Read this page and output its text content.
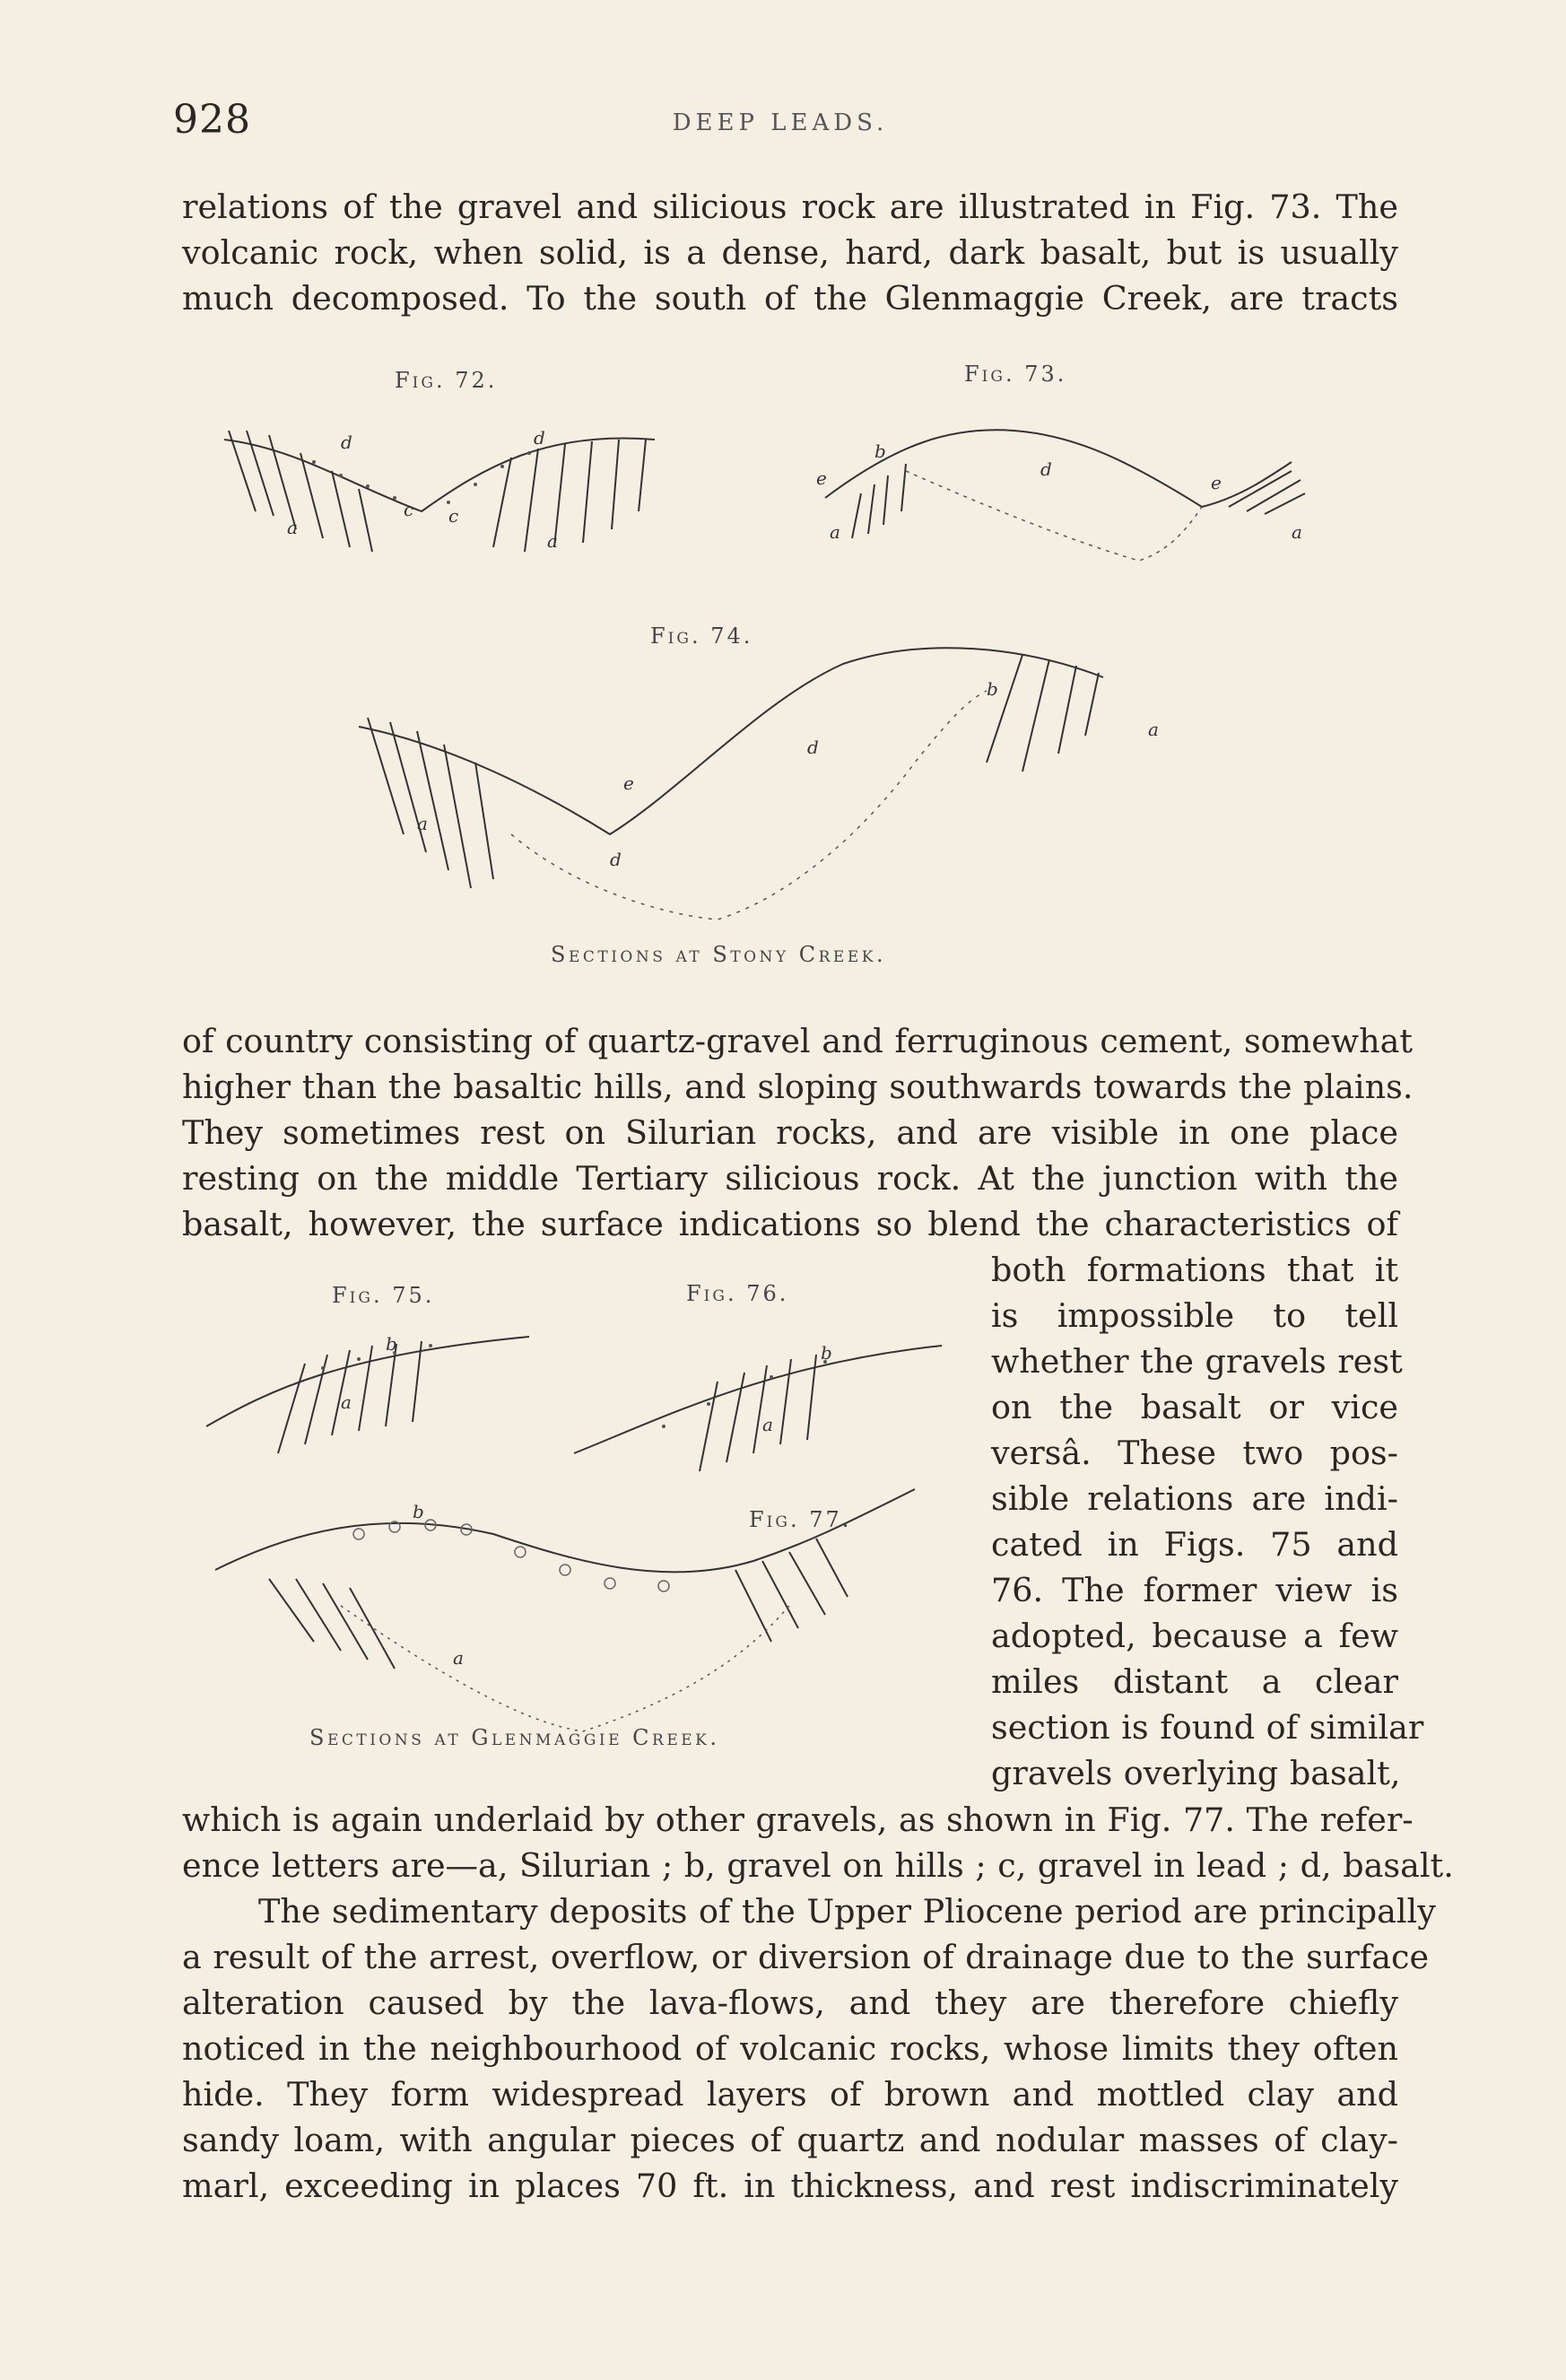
928	DEEP LEADS.
relations of the gravel and silicious rock are illustrated in Fig. 73. The
volcanic rock, when solid, is a dense, hard, dark basalt, but is usually
much decomposed. To the south of the Glenmaggie Creek, are tracts
Fig. 72.	Fig. 73.
d	d
c c
a
a
b
d
e	e
a	a
Fig. 74.
b
d
e
a
a
d
Sections at Stony Creek.
of country consisting of quartz-gravel and ferruginous cement, somewhat
higher than the basaltic hills, and sloping southwards towards the plains.
They sometimes rest on Silurian rocks, and are visible in one place
resting on the middle Tertiary silicious rock. At the junction with the
basalt, however, the surface indications so blend the characteristics of
both formations that it
is impossible to tell
whether the gravels rest
on the basalt or vice
versâ. These two pos-
sible relations are indi-
cated in Figs. 75 and
76. The former view is
adopted, because a few
miles distant a clear
section is found of similar
gravels overlying basalt,
Fig. 75.	Fig. 76.
b
a
b
a
Fig. 77.
b
a
Sections at Glenmaggie Creek.
which is again underlaid by other gravels, as shown in Fig. 77. The refer-
ence letters are—a, Silurian ; b, gravel on hills ; c, gravel in lead ; d, basalt.
The sedimentary deposits of the Upper Pliocene period are principally
a result of the arrest, overflow, or diversion of drainage due to the surface
alteration caused by the lava-flows, and they are therefore chiefly
noticed in the neighbourhood of volcanic rocks, whose limits they often
hide. They form widespread layers of brown and mottled clay and
sandy loam, with angular pieces of quartz and nodular masses of clay-
marl, exceeding in places 70 ft. in thickness, and rest indiscriminately
